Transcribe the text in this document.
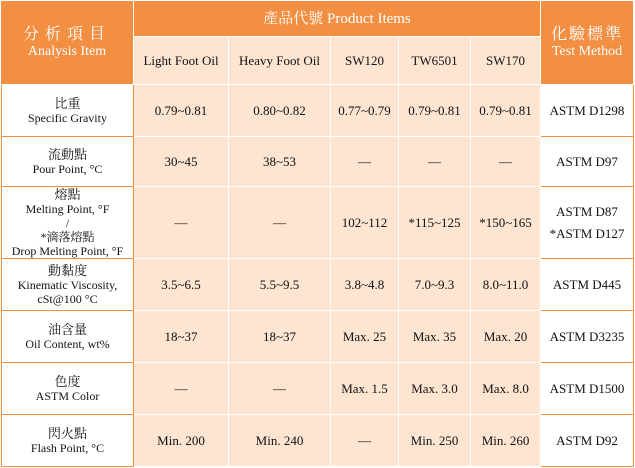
分析項目
Analysis Item	產品代號 Product Items					化驗標準
Test Method

	Light Foot Oil	Heavy Foot Oil	SW120	TW6501	SW170	

比重
Specific Gravity	0.79~0.81	0.80~0.82	0.77~0.79	0.79~0.81	0.79~0.81	ASTM D1298

流動點
Pour Point, °C	30~45	38~53	—	—	—	ASTM D97

熔點
Melting Point, °F
/
*滴落熔點
Drop Melting Point, °F	—	—	102~112	*115~125	*150~165	ASTM D87
*ASTM D127

動黏度
Kinematic Viscosity,
cSt@100 °C	3.5~6.5	5.5~9.5	3.8~4.8	7.0~9.3	8.0~11.0	ASTM D445

油含量
Oil Content, wt%	18~37	18~37	Max. 25	Max. 35	Max. 20	ASTM D3235

色度
ASTM Color	—	—	Max. 1.5	Max. 3.0	Max. 8.0	ASTM D1500

閃火點
Flash Point, °C	Min. 200	Min. 240	—	Min. 250	Min. 260	ASTM D92
